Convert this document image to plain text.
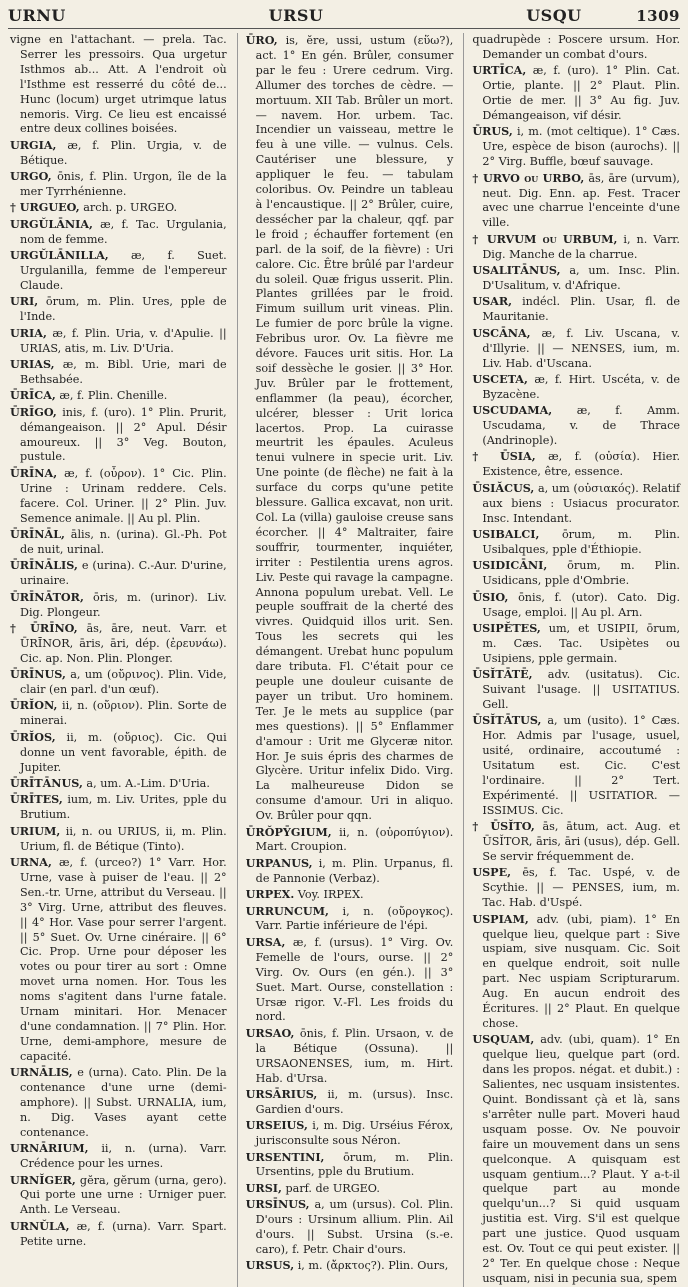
URNU	URSU	USQU	1309

vigne en l'attachant. — prela. Tac. Serrer les pressoirs. Qua urgetur Isthmos ab... Att. A l'endroit où l'Isthme est resserré du côté de... Hunc (locum) urget utrimque latus nemoris. Virg. Ce lieu est encaissé entre deux collines boisées.

URGIA, æ, f. Plin. Urgia, v. de Bétique.

URGO, ōnis, f. Plin. Urgon, île de la mer Tyrrhénienne.

† URGUEO, arch. p. URGEO.

URGŬLĀNIA, æ, f. Tac. Urgulania, nom de femme.

URGŬLĀNILLA, æ, f. Suet. Urgulanilla, femme de l'empereur Claude.

URI, ōrum, m. Plin. Ures, pple de l'Inde.

URIA, æ, f. Plin. Uria, v. d'Apulie. || URIAS, atis, m. Liv. D'Uria.

URIAS, æ, m. Bibl. Urie, mari de Bethsabée.

ŪRĪCA, æ, f. Plin. Chenille.

ŪRĪGO, inis, f. (uro). 1° Plin. Prurit, démangeaison. || 2° Apul. Désir amoureux. || 3° Veg. Bouton, pustule.

ŪRĪNA, æ, f. (οὖρον). 1° Cic. Plin. Urine : Urinam reddere. Cels. facere. Col. Uriner. || 2° Plin. Juv. Semence animale. || Au pl. Plin.

ŪRĪNĀL, ālis, n. (urina). Gl.-Ph. Pot de nuit, urinal.

ŪRĪNĀLIS, e (urina). C.-Aur. D'urine, urinaire.

ŪRĪNĀTOR, ōris, m. (urinor). Liv. Dig. Plongeur.

† ŪRĪNO, ās, āre, neut. Varr. et ŪRĪNOR, āris, āri, dép. (ἐρευνάω). Cic. ap. Non. Plin. Plonger.

ŪRĪNUS, a, um (οὔρινος). Plin. Vide, clair (en parl. d'un œuf).

ŪRĬON, ii, n. (οὔριον). Plin. Sorte de minerai.

ŪRĬOS, ii, m. (οὔριος). Cic. Qui donne un vent favorable, épith. de Jupiter.

ŪRĪTĀNUS, a, um. A.-Lim. D'Uria.

ŪRĪTES, ium, m. Liv. Urites, pple du Brutium.

URIUM, ii, n. ou URIUS, ii, m. Plin. Urium, fl. de Bétique (Tinto).

URNA, æ, f. (urceo?) 1° Varr. Hor. Urne, vase à puiser de l'eau. || 2° Sen.-tr. Urne, attribut du Verseau. || 3° Virg. Urne, attribut des fleuves. || 4° Hor. Vase pour serrer l'argent. || 5° Suet. Ov. Urne cinéraire. || 6° Cic. Prop. Urne pour déposer les votes ou pour tirer au sort : Omne movet urna nomen. Hor. Tous les noms s'agitent dans l'urne fatale. Urnam minitari. Hor. Menacer d'une condamnation. || 7° Plin. Hor. Urne, demi-amphore, mesure de capacité.

URNĀLIS, e (urna). Cato. Plin. De la contenance d'une urne (demi-amphore). || Subst. URNALIA, ium, n. Dig. Vases ayant cette contenance.

URNĀRIUM, ii, n. (urna). Varr. Crédence pour les urnes.

URNĬGER, gĕra, gĕrum (urna, gero). Qui porte une urne : Urniger puer. Anth. Le Verseau.

URNŬLA, æ, f. (urna). Varr. Spart. Petite urne.

ŪRO, is, ĕre, ussi, ustum (εὕω?), act. 1° En gén. Brûler, consumer par le feu : Urere cedrum. Virg. Allumer des torches de cèdre. — mortuum. XII Tab. Brûler un mort. — navem. Hor. urbem. Tac. Incendier un vaisseau, mettre le feu à une ville. — vulnus. Cels. Cautériser une blessure, y appliquer le feu. — tabulam coloribus. Ov. Peindre un tableau à l'encaustique. || 2° Brûler, cuire, dessécher par la chaleur, qqf. par le froid ; échauffer fortement (en parl. de la soif, de la fièvre) : Uri calore. Cic. Être brûlé par l'ardeur du soleil. Quæ frigus usserit. Plin. Plantes grillées par le froid. Fimum suillum urit vineas. Plin. Le fumier de porc brûle la vigne. Febribus uror. Ov. La fièvre me dévore. Fauces urit sitis. Hor. La soif dessèche le gosier. || 3° Hor. Juv. Brûler par le frottement, enflammer (la peau), écorcher, ulcérer, blesser : Urit lorica lacertos. Prop. La cuirasse meurtrit les épaules. Aculeus tenui vulnere in specie urit. Liv. Une pointe (de flèche) ne fait à la surface du corps qu'une petite blessure. Gallica excavat, non urit. Col. La (villa) gauloise creuse sans écorcher. || 4° Maltraiter, faire souffrir, tourmenter, inquiéter, irriter : Pestilentia urens agros. Liv. Peste qui ravage la campagne. Annona populum urebat. Vell. Le peuple souffrait de la cherté des vivres. Quidquid illos urit. Sen. Tous les secrets qui les démangent. Urebat hunc populum dare tributa. Fl. C'était pour ce peuple une douleur cuisante de payer un tribut. Uro hominem. Ter. Je le mets au supplice (par mes questions). || 5° Enflammer d'amour : Urit me Glyceræ nitor. Hor. Je suis épris des charmes de Glycère. Uritur infelix Dido. Virg. La malheureuse Didon se consume d'amour. Uri in aliquo. Ov. Brûler pour qqn.

ŪRŎPȲGIUM, ii, n. (οὐροπύγιον). Mart. Croupion.

URPANUS, i, m. Plin. Urpanus, fl. de Pannonie (Verbaz).

URPEX. Voy. IRPEX.

URRUNCUM, i, n. (οὔρογκος). Varr. Partie inférieure de l'épi.

URSA, æ, f. (ursus). 1° Virg. Ov. Femelle de l'ours, ourse. || 2° Virg. Ov. Ours (en gén.). || 3° Suet. Mart. Ourse, constellation : Ursæ rigor. V.-Fl. Les froids du nord.

URSAO, ōnis, f. Plin. Ursaon, v. de la Bétique (Ossuna). || URSAONENSES, ium, m. Hirt. Hab. d'Ursa.

URSĀRIUS, ii, m. (ursus). Insc. Gardien d'ours.

URSEIUS, i, m. Dig. Urséius Férox, jurisconsulte sous Néron.

URSENTINI, ōrum, m. Plin. Ursentins, pple du Brutium.

URSI, parf. de URGEO.

URSĪNUS, a, um (ursus). Col. Plin. D'ours : Ursinum allium. Plin. Ail d'ours. || Subst. Ursina (s.-e. caro), f. Petr. Chair d'ours.

URSUS, i, m. (ἄρκτος?). Plin. Ours,

quadrupède : Poscere ursum. Hor. Demander un combat d'ours.

URTĪCA, æ, f. (uro). 1° Plin. Cat. Ortie, plante. || 2° Plaut. Plin. Ortie de mer. || 3° Au fig. Juv. Démangeaison, vif désir.

ŪRUS, i, m. (mot celtique). 1° Cæs. Ure, espèce de bison (aurochs). || 2° Virg. Buffle, bœuf sauvage.

† URVO ou URBO, ās, āre (urvum), neut. Dig. Enn. ap. Fest. Tracer avec une charrue l'enceinte d'une ville.

† URVUM ou URBUM, i, n. Varr. Dig. Manche de la charrue.

USALITĀNUS, a, um. Insc. Plin. D'Usalitum, v. d'Afrique.

USAR, indécl. Plin. Usar, fl. de Mauritanie.

USCĀNA, æ, f. Liv. Uscana, v. d'Illyrie. || — NENSES, ium, m. Liv. Hab. d'Uscana.

USCETA, æ, f. Hirt. Uscéta, v. de Byzacène.

USCUDAMA, æ, f. Amm. Uscudama, v. de Thrace (Andrinople).

† ŪSIA, æ, f. (οὐσία). Hier. Existence, être, essence.

ŪSIĂCUS, a, um (οὐσιακός). Relatif aux biens : Usiacus procurator. Insc. Intendant.

USIBALCI, ōrum, m. Plin. Usibalques, pple d'Éthiopie.

USIDICĀNI, ōrum, m. Plin. Usidicans, pple d'Ombrie.

ŪSIO, ōnis, f. (utor). Cato. Dig. Usage, emploi. || Au pl. Arn.

USIPĔTES, um, et USIPII, ōrum, m. Cæs. Tac. Usipètes ou Usipiens, pple germain.

ŪSĬTĀTĒ, adv. (usitatus). Cic. Suivant l'usage. || USITATIUS. Gell.

ŪSĬTĀTUS, a, um (usito). 1° Cæs. Hor. Admis par l'usage, usuel, usité, ordinaire, accoutumé : Usitatum est. Cic. C'est l'ordinaire. || 2° Tert. Expérimenté. || USITATIOR. — ISSIMUS. Cic.

† ŪSĬTO, ās, ātum, act. Aug. et ŪSĬTOR, āris, āri (usus), dép. Gell. Se servir fréquemment de.

USPE, ēs, f. Tac. Uspé, v. de Scythie. || — PENSES, ium, m. Tac. Hab. d'Uspé.

USPIAM, adv. (ubi, piam). 1° En quelque lieu, quelque part : Sive uspiam, sive nusquam. Cic. Soit en quelque endroit, soit nulle part. Nec uspiam Scripturarum. Aug. En aucun endroit des Écritures. || 2° Plaut. En quelque chose.

USQUAM, adv. (ubi, quam). 1° En quelque lieu, quelque part (ord. dans les propos. négat. et dubit.) : Salientes, nec usquam insistentes. Quint. Bondissant çà et là, sans s'arrêter nulle part. Moveri haud usquam posse. Ov. Ne pouvoir faire un mouvement dans un sens quelconque. A quisquam est usquam gentium...? Plaut. Y a-t-il quelque part au monde quelqu'un...? Si quid usquam justitia est. Virg. S'il est quelque part une justice. Quod usquam est. Ov. Tout ce qui peut exister. || 2° Ter. En quelque chose : Neque usquam, nisi in pecunia sua, spem
